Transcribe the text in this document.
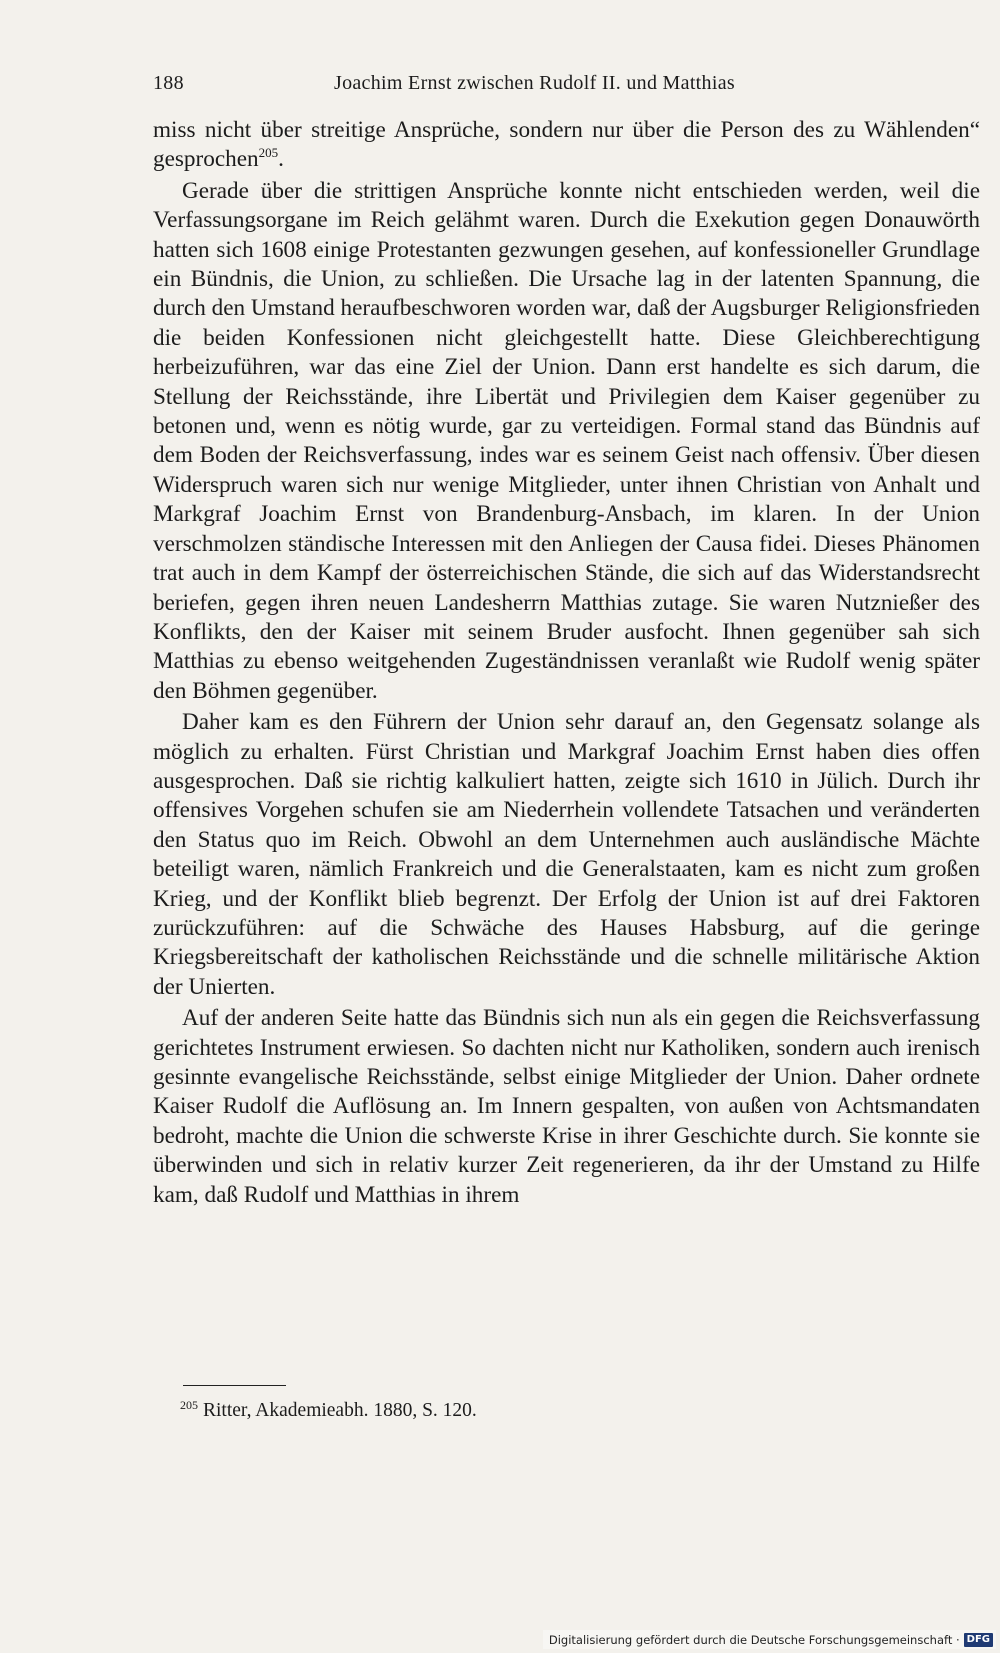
188	Joachim Ernst zwischen Rudolf II. und Matthias

miss nicht über streitige Ansprüche, sondern nur über die Person des zu Wählenden“ gesprochen$^{205}$.

Gerade über die strittigen Ansprüche konnte nicht entschieden werden, weil die Verfassungsorgane im Reich gelähmt waren. Durch die Exekution gegen Donauwörth hatten sich 1608 einige Protestanten gezwungen gesehen, auf konfessioneller Grundlage ein Bündnis, die Union, zu schließen. Die Ursache lag in der latenten Spannung, die durch den Umstand heraufbeschworen worden war, daß der Augsburger Religionsfrieden die beiden Konfessionen nicht gleichgestellt hatte. Diese Gleichberechtigung herbeizuführen, war das eine Ziel der Union. Dann erst handelte es sich darum, die Stellung der Reichsstände, ihre Libertät und Privilegien dem Kaiser gegenüber zu betonen und, wenn es nötig wurde, gar zu verteidigen. Formal stand das Bündnis auf dem Boden der Reichsverfassung, indes war es seinem Geist nach offensiv. Über diesen Widerspruch waren sich nur wenige Mitglieder, unter ihnen Christian von Anhalt und Markgraf Joachim Ernst von Brandenburg-Ansbach, im klaren. In der Union verschmolzen ständische Interessen mit den Anliegen der Causa fidei. Dieses Phänomen trat auch in dem Kampf der österreichischen Stände, die sich auf das Widerstandsrecht beriefen, gegen ihren neuen Landesherrn Matthias zutage. Sie waren Nutznießer des Konflikts, den der Kaiser mit seinem Bruder ausfocht. Ihnen gegenüber sah sich Matthias zu ebenso weitgehenden Zugeständnissen veranlaßt wie Rudolf wenig später den Böhmen gegenüber.

Daher kam es den Führern der Union sehr darauf an, den Gegensatz solange als möglich zu erhalten. Fürst Christian und Markgraf Joachim Ernst haben dies offen ausgesprochen. Daß sie richtig kalkuliert hatten, zeigte sich 1610 in Jülich. Durch ihr offensives Vorgehen schufen sie am Niederrhein vollendete Tatsachen und veränderten den Status quo im Reich. Obwohl an dem Unternehmen auch ausländische Mächte beteiligt waren, nämlich Frankreich und die Generalstaaten, kam es nicht zum großen Krieg, und der Konflikt blieb begrenzt. Der Erfolg der Union ist auf drei Faktoren zurückzuführen: auf die Schwäche des Hauses Habsburg, auf die geringe Kriegsbereitschaft der katholischen Reichsstände und die schnelle militärische Aktion der Unierten.

Auf der anderen Seite hatte das Bündnis sich nun als ein gegen die Reichsverfassung gerichtetes Instrument erwiesen. So dachten nicht nur Katholiken, sondern auch irenisch gesinnte evangelische Reichsstände, selbst einige Mitglieder der Union. Daher ordnete Kaiser Rudolf die Auflösung an. Im Innern gespalten, von außen von Achtsmandaten bedroht, machte die Union die schwerste Krise in ihrer Geschichte durch. Sie konnte sie überwinden und sich in relativ kurzer Zeit regenerieren, da ihr der Umstand zu Hilfe kam, daß Rudolf und Matthias in ihrem

$^{205}$ Ritter, Akademieabh. 1880, S. 120.
Digitalisierung gefördert durch die Deutsche Forschungsgemeinschaft · DFG
